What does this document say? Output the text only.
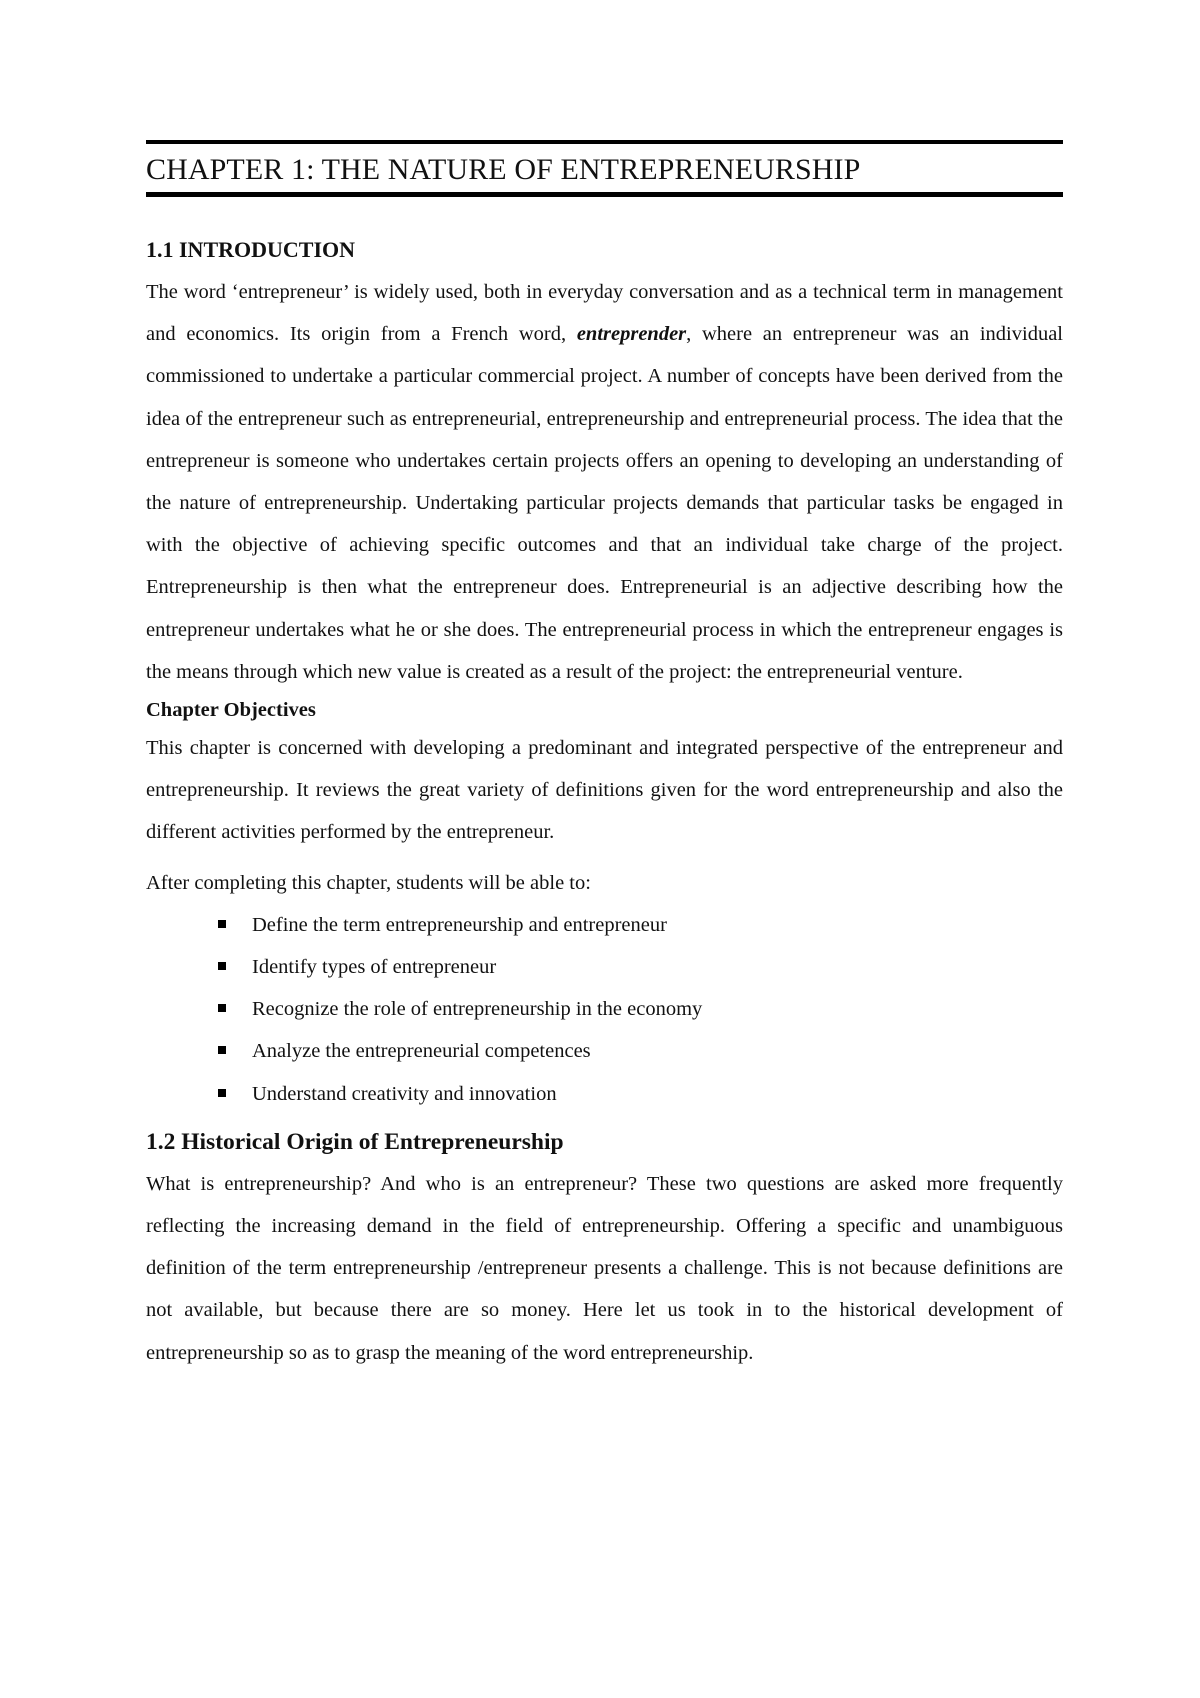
CHAPTER 1: THE NATURE OF ENTREPRENEURSHIP
1.1 INTRODUCTION

The word ‘entrepreneur’ is widely used, both in everyday conversation and as a technical term in management and economics. Its origin from a French word, entreprender, where an entrepreneur was an individual commissioned to undertake a particular commercial project. A number of concepts have been derived from the idea of the entrepreneur such as entrepreneurial, entrepreneurship and entrepreneurial process. The idea that the entrepreneur is someone who undertakes certain projects offers an opening to developing an understanding of the nature of entrepreneurship. Undertaking particular projects demands that particular tasks be engaged in with the objective of achieving specific outcomes and that an individual take charge of the project. Entrepreneurship is then what the entrepreneur does. Entrepreneurial is an adjective describing how the entrepreneur undertakes what he or she does. The entrepreneurial process in which the entrepreneur engages is the means through which new value is created as a result of the project: the entrepreneurial venture.

Chapter Objectives

This chapter is concerned with developing a predominant and integrated perspective of the entrepreneur and entrepreneurship. It reviews the great variety of definitions given for the word entrepreneurship and also the different activities performed by the entrepreneur.

After completing this chapter, students will be able to:

Define the term entrepreneurship and entrepreneur
Identify types of entrepreneur
Recognize the role of entrepreneurship in the economy
Analyze the entrepreneurial competences
Understand creativity and innovation
1.2 Historical Origin of Entrepreneurship

What is entrepreneurship? And who is an entrepreneur? These two questions are asked more frequently reflecting the increasing demand in the field of entrepreneurship. Offering a specific and unambiguous definition of the term entrepreneurship /entrepreneur presents a challenge. This is not because definitions are not available, but because there are so money. Here let us took in to the historical development of entrepreneurship so as to grasp the meaning of the word entrepreneurship.
